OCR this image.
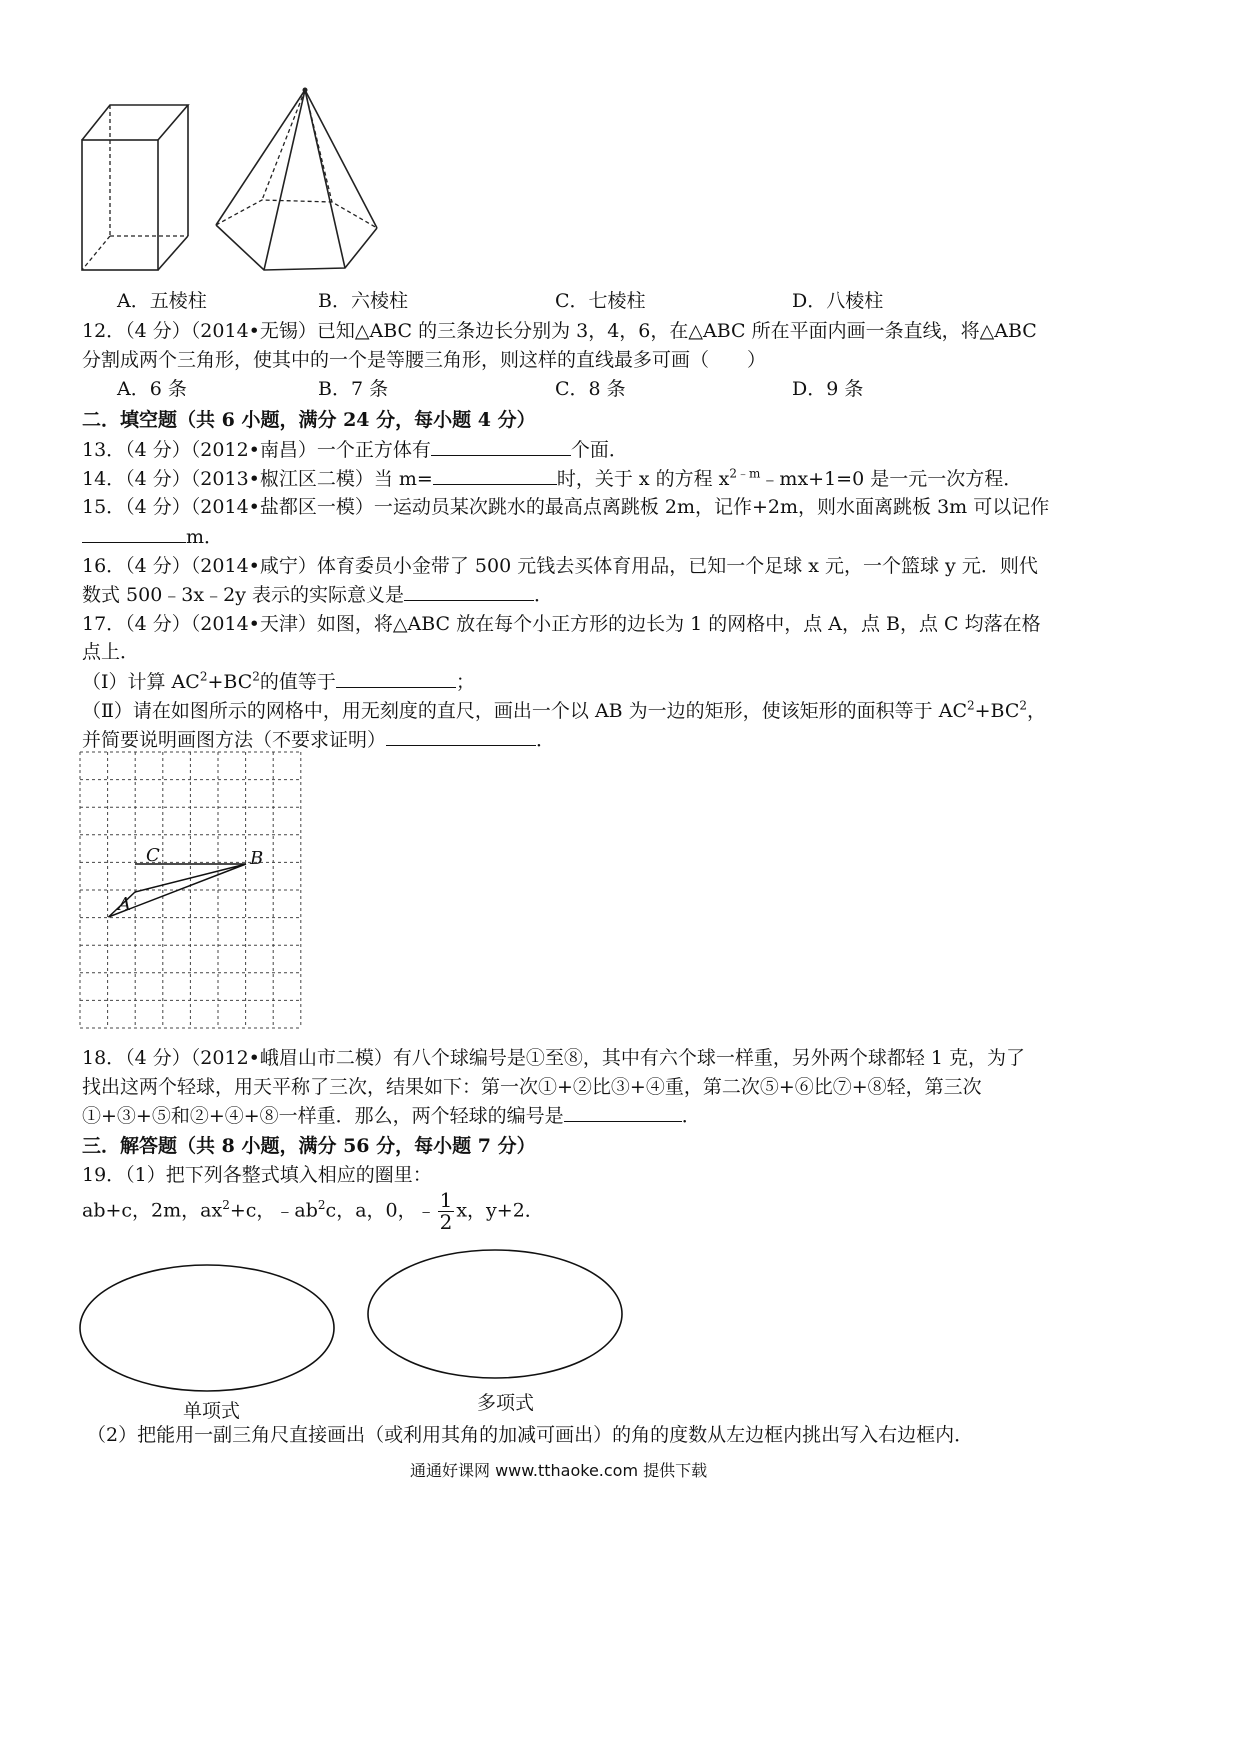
A．五棱柱	B．六棱柱	C．七棱柱	D．八棱柱
12．（4 分）（2014•无锡）已知△ABC 的三条边长分别为 3，4，6，在△ABC 所在平面内画一条直线，将△ABC
分割成两个三角形，使其中的一个是等腰三角形，则这样的直线最多可画（　　）
A．6 条	B．7 条	C．8 条	D．9 条
二．填空题（共 6 小题，满分 24 分，每小题 4 分）
13．（4 分）（2012•南昌）一个正方体有	个面．
14．（4 分）（2013•椒江区二模）当 m=	时，关于 x 的方程 $x^{2﹣m}﹣mx+1=0$ 是一元一次方程．
15．（4 分）（2014•盐都区一模）一运动员某次跳水的最高点离跳板 2m，记作+2m，则水面离跳板 3m 可以记作
m．
16．（4 分）（2014•咸宁）体育委员小金带了 500 元钱去买体育用品，已知一个足球 x 元，一个篮球 y 元．则代
数式 500﹣3x﹣2y 表示的实际意义是	．
17．（4 分）（2014•天津）如图，将△ABC 放在每个小正方形的边长为 1 的网格中，点 A，点 B，点 C 均落在格
点上．
（Ⅰ）计算 $AC^2+BC^2$的值等于	；
（Ⅱ）请在如图所示的网格中，用无刻度的直尺，画出一个以 AB 为一边的矩形，使该矩形的面积等于 $AC^2+BC^2$，
并简要说明画图方法（不要求证明）	．
C	B
A
18．（4 分）（2012•峨眉山市二模）有八个球编号是①至⑧，其中有六个球一样重，另外两个球都轻 1 克，为了
找出这两个轻球，用天平称了三次，结果如下：第一次①+②比③+④重，第二次⑤+⑥比⑦+⑧轻，第三次
①+③+⑤和②+④+⑧一样重．那么，两个轻球的编号是	．
三．解答题（共 8 小题，满分 56 分，每小题 7 分）
19．（1）把下列各整式填入相应的圈里：
ab+c，2m，$ax^2+c$，$﹣ab^2c$，a，0，﹣ $\frac{1}{2}$ x，y+2．
单项式	多项式
（2）把能用一副三角尺直接画出（或利用其角的加减可画出）的角的度数从左边框内挑出写入右边框内．
通通好课网 www.tthaoke.com 提供下载
